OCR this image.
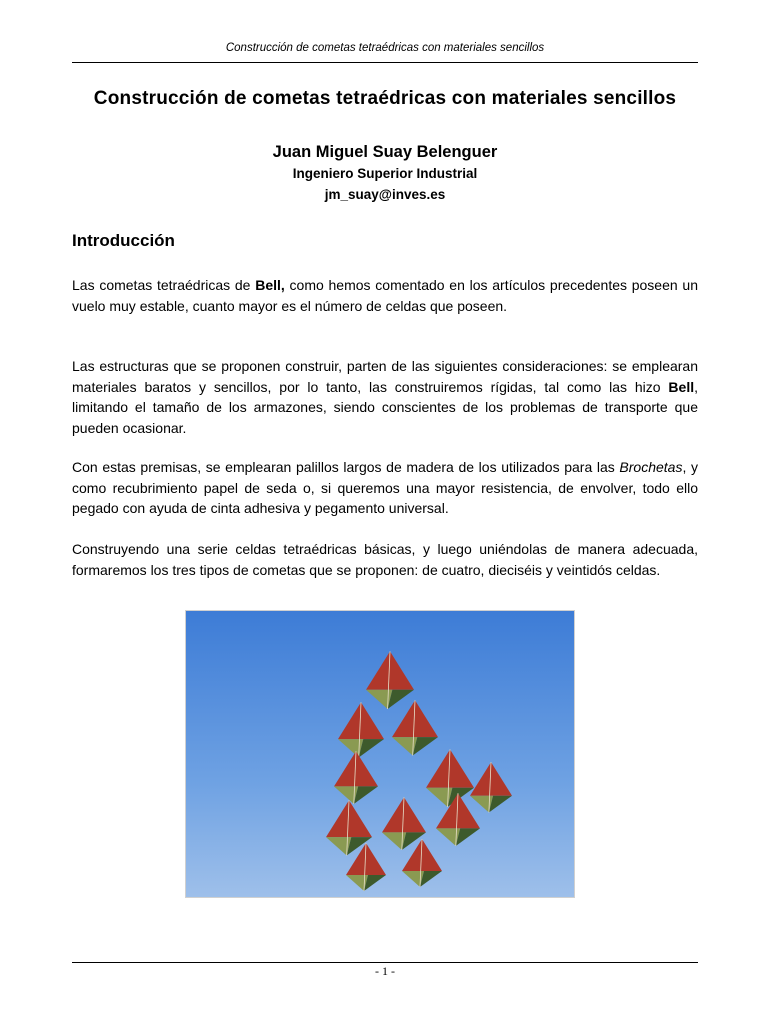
Construcción de cometas tetraédricas con materiales sencillos
Construcción de cometas tetraédricas con materiales sencillos
Juan Miguel Suay Belenguer
Ingeniero Superior Industrial
jm_suay@inves.es
Introducción

Las cometas tetraédricas de Bell, como hemos comentado en los artículos precedentes poseen un vuelo muy estable, cuanto mayor es el número de celdas que poseen.

Las estructuras que se proponen construir, parten de las siguientes consideraciones: se emplearan materiales baratos y sencillos, por lo tanto, las construiremos rígidas, tal como las hizo Bell, limitando el tamaño de los armazones, siendo conscientes de los problemas de transporte que pueden ocasionar.

Con estas premisas, se emplearan palillos largos de madera de los utilizados para las Brochetas, y como recubrimiento papel de seda o, si queremos una mayor resistencia, de envolver, todo ello pegado con ayuda de cinta adhesiva y pegamento universal.

Construyendo una serie celdas tetraédricas básicas, y luego uniéndolas de manera adecuada, formaremos los tres tipos de cometas que se proponen: de cuatro, dieciséis y veintidós celdas.

- 1 -
